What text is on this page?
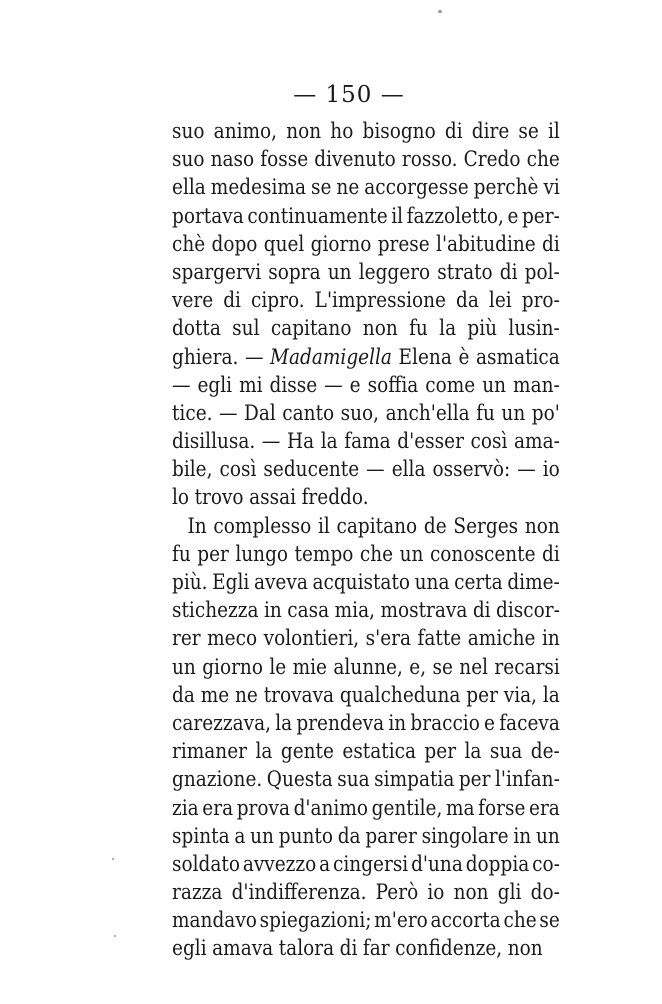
— 150 —
suo animo, non ho bisogno di dire se il
suo naso fosse divenuto rosso. Credo che
ella medesima se ne accorgesse perchè vi
portava continuamente il fazzoletto, e per-
chè dopo quel giorno prese l'abitudine di
spargervi sopra un leggero strato di pol-
vere di cipro. L'impressione da lei pro-
dotta sul capitano non fu la più lusin-
ghiera. — Madamigella Elena è asmatica
— egli mi disse — e soffia come un man-
tice. — Dal canto suo, anch'ella fu un po'
disillusa. — Ha la fama d'esser così ama-
bile, così seducente — ella osservò: — io
lo trovo assai freddo.
In complesso il capitano de Serges non
fu per lungo tempo che un conoscente di
più. Egli aveva acquistato una certa dime-
stichezza in casa mia, mostrava di discor-
rer meco volontieri, s'era fatte amiche in
un giorno le mie alunne, e, se nel recarsi
da me ne trovava qualcheduna per via, la
carezzava, la prendeva in braccio e faceva
rimaner la gente estatica per la sua de-
gnazione. Questa sua simpatia per l'infan-
zia era prova d'animo gentile, ma forse era
spinta a un punto da parer singolare in un
soldato avvezzo a cingersi d'una doppia co-
razza d'indifferenza. Però io non gli do-
mandavo spiegazioni; m'ero accorta che se
egli amava talora di far confidenze, non
